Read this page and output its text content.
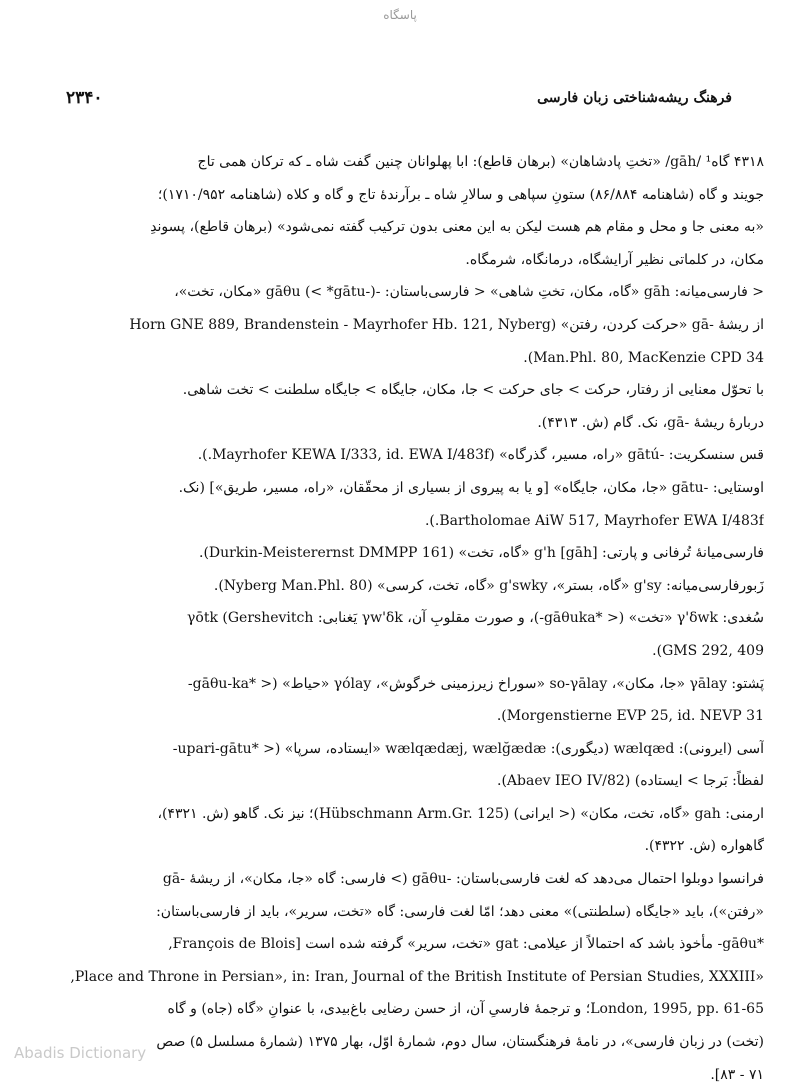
پاسگاه
۲۳۴۰	فرهنگ ریشه‌شناختی زبان فارسی
۴۳۱۸ گاه¹ /gāh/ «تختِ پادشاهان» (برهان قاطع): ابا پهلوانان چنین گفت شاه ـ که ترکان همی تاج
جویند و گاه (شاهنامه ۸۶/۸۸۴) ستونِ سپاهی و سالارِ شاه ـ برآرندهٔ تاج و گاه و کلاه (شاهنامه ۱۷۱۰/۹۵۲)؛
«به معنی جا و محل و مقام هم هست لیکن به این معنی بدون ترکیب گفته نمی‌شود» (برهان قاطع)، پسوندِ
مکان، در کلماتی نظیر آرایشگاه، درمانگاه، شرمگاه.
< فارسی‌میانه: gāh «گاه، مکان، تختِ شاهی» < فارسی‌باستان: -gāθu (< *gātu-) «مکان، تخت»،
از ریشهٔ -gā «حرکت کردن، رفتن» (Horn GNE 889, Brandenstein - Mayrhofer Hb. 121, Nyberg
Man.Phl. 80, MacKenzie CPD 34).
با تحوّل معنایی از رفتار، حرکت > جای حرکت > جا، مکان، جایگاه > جایگاه سلطنت > تخت شاهی.
دربارهٔ ریشهٔ -gā، نک. گام (ش. ۴۳۱۳).
قس سنسکریت: -gātú «راه، مسیر، گذرگاه» (Mayrhofer KEWA I/333, id. EWA I/483f.).
اوستایی: -gātu «جا، مکان، جایگاه» [و یا به پیروی از بسیاری از محقّقان، «راه، مسیر، طریق»] (نک.
Bartholomae AiW 517, Mayrhofer EWA I/483f.).
فارسی‌میانهٔ تُرفانی و پارتی: g'h [gāh] «گاه، تخت» (Durkin-Meisterernst DMMPP 161).
زَبورفارسی‌میانه: g'sy «گاه، بستر»، g'swky «گاه، تخت، کرسی» (Nyberg Man.Phl. 80).
سُغدی: γ'δwk «تخت» (< *gāθuka-)، و صورت مقلوبِ آن، γw'δk یَغنابی: γōtk (Gershevitch
GMS 292, 409).
پَشتو: γālay «جا، مکان»، so-γālay «سوراخ زیرزمینی خرگوش»، γólay «حیاط» (< *gāθu-ka-
Morgenstierne EVP 25, id. NEVP 31).
آسی (ایرونی): wælqæd (دیگوری): wælqædæj, wælğædæ «ایستاده، سرپا» (< *upari-gātu-
لفظاً: بَرجا > ایستاده) (Abaev IEO IV/82).
ارمنی: gah «گاه، تخت، مکان» (< ایرانی) (Hübschmann Arm.Gr. 125)؛ نیز نک. گاهو (ش. ۴۳۲۱)،
گاهواره (ش. ۴۳۲۲).
فرانسوا دوبلوا احتمال می‌دهد که لغت فارسی‌باستان: -gāθu (> فارسی: گاه «جا، مکان»، از ریشهٔ -gā
«رفتن»)، باید «جایگاه (سلطنتی)» معنی دهد؛ امّا لغت فارسی: گاه «تخت، سریر»، باید از فارسی‌باستان:
*gāθu- مأخوذ باشد که احتمالاً از عیلامی: gat «تخت، سریر» گرفته شده است [François de Blois,
«Place and Throne in Persian», in: Iran, Journal of the British Institute of Persian Studies, XXXIII,
London, 1995, pp. 61-65؛ و ترجمهٔ فارسیِ آن، از حسن رضایی باغ‌بیدی، با عنوانِ «گاه (جاه) و گاه
(تخت) در زبان فارسی»، در نامهٔ فرهنگستان، سال دوم، شمارهٔ اوّل، بهار ۱۳۷۵ (شمارهٔ مسلسل ۵) صص
۷۱ - ۸۳].
Abadis Dictionary
